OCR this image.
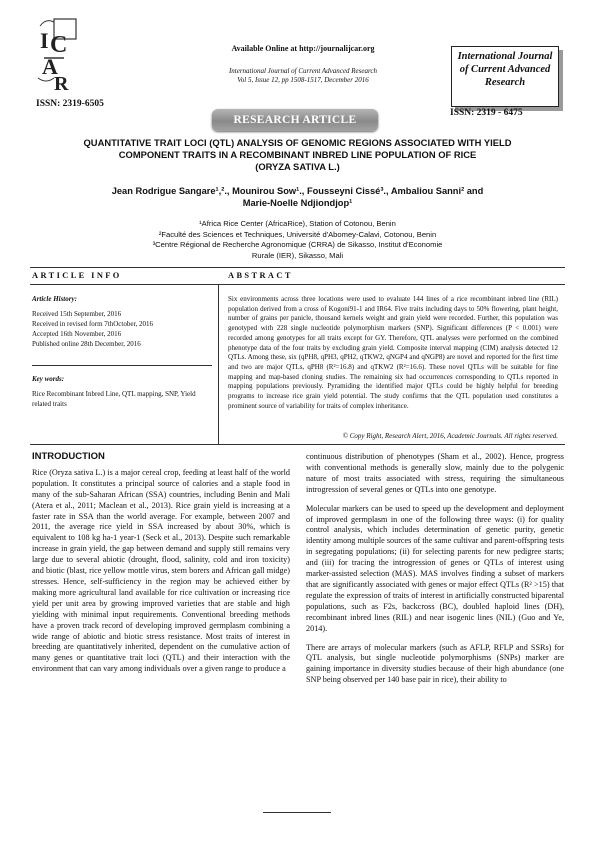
I C
A
R
ISSN: 2319-6505
Available Online at http://journalijcar.org
International Journal of Current Advanced Research
Vol 5, Issue 12, pp 1508-1517, December 2016
International Journal
of Current Advanced
Research
ISSN: 2319 - 6475
RESEARCH ARTICLE
QUANTITATIVE TRAIT LOCI (QTL) ANALYSIS OF GENOMIC REGIONS ASSOCIATED WITH YIELD
COMPONENT TRAITS IN A RECOMBINANT INBRED LINE POPULATION OF RICE
(ORYZA SATIVA L.)
Jean Rodrigue Sangare¹,²., Mounirou Sow¹., Fousseyni Cissé³., Ambaliou Sanni² and
Marie-Noelle Ndjiondjop¹
¹Africa Rice Center (AfricaRice), Station of Cotonou, Benin
²Faculté des Sciences et Techniques, Université d'Abomey-Calavi, Cotonou, Benin
³Centre Régional de Recherche Agronomique (CRRA) de Sikasso, Institut d'Economie
Rurale (IER), Sikasso, Mali
ARTICLE INFO	ABSTRACT
Article History:
Received 15th September, 2016
Received in revised form 7thOctober, 2016
Accepted 16th November, 2016
Published online 28th December, 2016
Key words:
Rice Recombinant Inbred Line, QTL mapping, SNP, Yield related traits
Six environments across three locations were used to evaluate 144 lines of a rice recombinant inbred line (RIL) population derived from a cross of Kogoni91-1 and IR64. Five traits including days to 50% flowering, plant height, number of grains per panicle, thousand kernels weight and grain yield were recorded. Further, this population was genotyped with 228 single nucleotide polymorphism markers (SNP). Significant differences (P < 0.001) were recorded among genotypes for all traits except for GY. Therefore, QTL analyses were performed on the combined phenotype data of the four traits by excluding grain yield. Composite interval mapping (CIM) analysis detected 12 QTLs. Among these, six (qPH8, qPH3, qPH2, qTKW2, qNGP4 and qNGP8) are novel and reported for the first time and two are major QTLs, qPH8 (R²=16.8) and qTKW2 (R²=16.6). These novel QTLs will be suitable for fine mapping and map-based cloning studies. The remaining six had occurrences corresponding to QTLs reported in mapping populations previously. Pyramiding the identified major QTLs could be highly helpful for breeding programs to increase rice grain yield potential. The study confirms that the QTL population used constitutes a prominent source of variability for traits of complex inheritance.
© Copy Right, Research Alert, 2016, Academic Journals. All rights reserved.
INTRODUCTION

Rice (Oryza sativa L.) is a major cereal crop, feeding at least half of the world population. It constitutes a principal source of calories and a staple food in many of the sub-Saharan African (SSA) countries, including Benin and Mali (Atera et al., 2011; Maclean et al., 2013). Rice grain yield is increasing at a faster rate in SSA than the world average. For example, between 2007 and 2011, the average rice yield in SSA increased by about 30%, which is equivalent to 108 kg ha-1 year-1 (Seck et al., 2013). Despite such remarkable increase in grain yield, the gap between demand and supply still remains very large due to several abiotic (drought, flood, salinity, cold and iron toxicity) and biotic (blast, rice yellow mottle virus, stem borers and African gall midge) stresses. Hence, self-sufficiency in the region may be achieved either by making more agricultural land available for rice cultivation or increasing rice yield per unit area by growing improved varieties that are stable and high yielding with minimal input requirements. Conventional breeding methods have a proven track record of developing improved germplasm combining a wide range of abiotic and biotic stress resistance. Most traits of interest in breeding are quantitatively inherited, dependent on the cumulative action of many genes or quantitative trait loci (QTL) and their interaction with the environment that can vary among individuals over a given range to produce a

continuous distribution of phenotypes (Sham et al., 2002). Hence, progress with conventional methods is generally slow, mainly due to the polygenic nature of most traits associated with stress, requiring the simultaneous introgression of several genes or QTLs into one genotype.

Molecular markers can be used to speed up the development and deployment of improved germplasm in one of the following three ways: (i) for quality control analysis, which includes determination of genetic purity, genetic identity among multiple sources of the same cultivar and parent-offspring tests in segregating populations; (ii) for selecting parents for new pedigree starts; and (iii) for tracing the introgression of genes or QTLs of interest using marker-assisted selection (MAS). MAS involves finding a subset of markers that are significantly associated with genes or major effect QTLs (R² >15) that regulate the expression of traits of interest in artificially constructed biparental populations, such as F2s, backcross (BC), doubled haploid lines (DH), recombinant inbred lines (RIL) and near isogenic lines (NIL) (Guo and Ye, 2014).

There are arrays of molecular markers (such as AFLP, RFLP and SSRs) for QTL analysis, but single nucleotide polymorphisms (SNPs) marker are gaining importance in diversity studies because of their high abundance (one SNP being observed per 140 base pair in rice), their ability to
